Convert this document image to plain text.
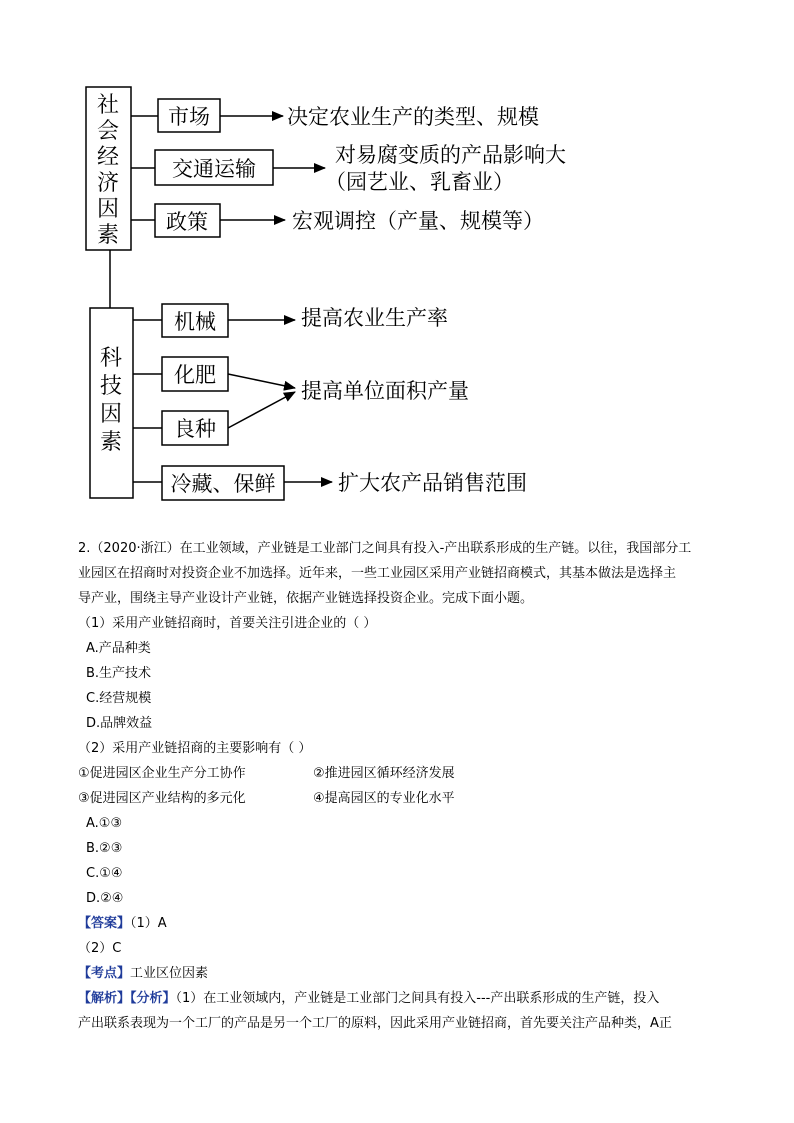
社
会
经
济
因
素
市场	决定农业生产的类型、规模
交通运输
对易腐变质的产品影响大
（园艺业、乳畜业）
政策	宏观调控（产量、规模等）
科
技
因
素
机械	提高农业生产率
化肥
提高单位面积产量
良种
冷藏、保鲜	扩大农产品销售范围
2.（2020·浙江）在工业领域，产业链是工业部门之间具有投入-产出联系形成的生产链。以往，我国部分工
业园区在招商时对投资企业不加选择。近年来，一些工业园区采用产业链招商模式，其基本做法是选择主
导产业，围绕主导产业设计产业链，依据产业链选择投资企业。完成下面小题。
（1）采用产业链招商时，首要关注引进企业的（ ）
A.产品种类
B.生产技术
C.经营规模
D.品牌效益
（2）采用产业链招商的主要影响有（ ）
①促进园区企业生产分工协作	②推进园区循环经济发展
③促进园区产业结构的多元化	④提高园区的专业化水平
A.①③
B.②③
C.①④
D.②④
【答案】（1）A
（2）C
【考点】工业区位因素
【解析】【分析】（1）在工业领域内，产业链是工业部门之间具有投入---产出联系形成的生产链，投入
产出联系表现为一个工厂的产品是另一个工厂的原料，因此采用产业链招商，首先要关注产品种类，A正
